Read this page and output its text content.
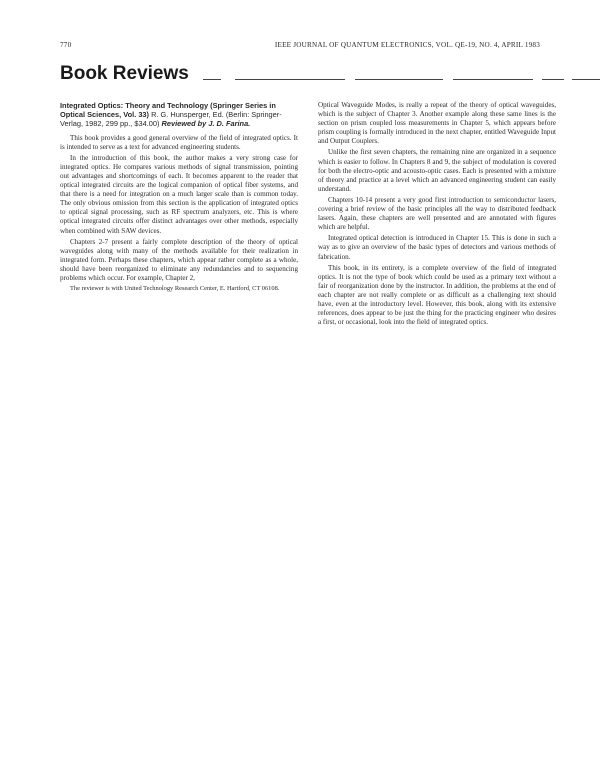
770	IEEE JOURNAL OF QUANTUM ELECTRONICS, VOL. QE-19, NO. 4, APRIL 1983
Book Reviews
Integrated Optics: Theory and Technology (Springer Series in Optical Sciences, Vol. 33) R. G. Hunsperger, Ed. (Berlin: Springer-Verlag, 1982, 299 pp., $34.00) Reviewed by J. D. Farina.

This book provides a good general overview of the field of integrated optics. It is intended to serve as a text for advanced engineering students.

In the introduction of this book, the author makes a very strong case for integrated optics. He compares various methods of signal transmission, pointing out advantages and shortcomings of each. It becomes apparent to the reader that optical integrated circuits are the logical companion of optical fiber systems, and that there is a need for integration on a much larger scale than is common today. The only obvious omission from this section is the application of integrated optics to optical signal processing, such as RF spectrum analyzers, etc. This is where optical integrated circuits offer distinct advantages over other methods, especially when combined with SAW devices.

Chapters 2-7 present a fairly complete description of the theory of optical waveguides along with many of the methods available for their realization in integrated form. Perhaps these chapters, which appear rather complete as a whole, should have been reorganized to eliminate any redundancies and to sequencing problems which occur. For example, Chapter 2,

The reviewer is with United Technology Research Center, E. Hartford, CT 06108.

Optical Waveguide Modes, is really a repeat of the theory of optical waveguides, which is the subject of Chapter 3. Another example along these same lines is the section on prism coupled loss measurements in Chapter 5, which appears before prism coupling is formally introduced in the next chapter, entitled Waveguide Input and Output Couplers.

Unlike the first seven chapters, the remaining nine are organized in a sequence which is easier to follow. In Chapters 8 and 9, the subject of modulation is covered for both the electro-optic and acousto-optic cases. Each is presented with a mixture of theory and practice at a level which an advanced engineering student can easily understand.

Chapters 10-14 present a very good first introduction to semiconductor lasers, covering a brief review of the basic principles all the way to distributed feedback lasers. Again, these chapters are well presented and are annotated with figures which are helpful.

Integrated optical detection is introduced in Chapter 15. This is done in such a way as to give an overview of the basic types of detectors and various methods of fabrication.

This book, in its entirety, is a complete overview of the field of integrated optics. It is not the type of book which could be used as a primary text without a fair of reorganization done by the instructor. In addition, the problems at the end of each chapter are not really complete or as difficult as a challenging text should have, even at the introductory level. However, this book, along with its extensive references, does appear to be just the thing for the practicing engineer who desires a first, or occasional, look into the field of integrated optics.
